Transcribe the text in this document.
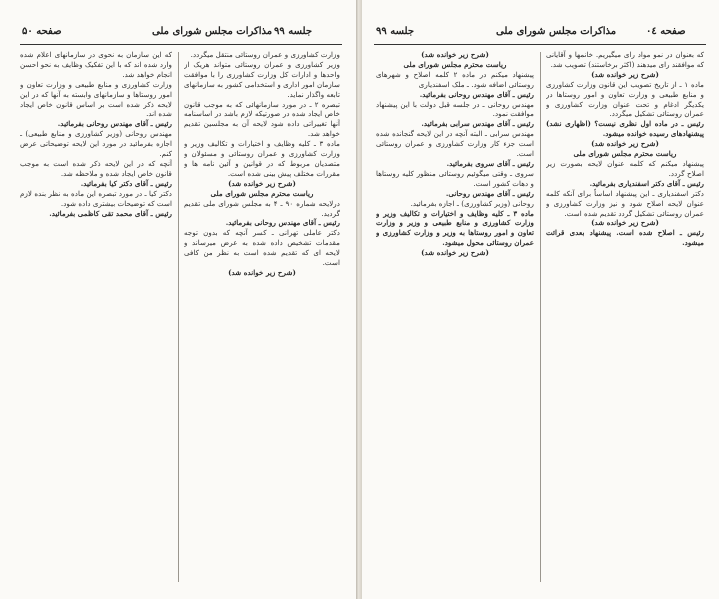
صفحه ۵۰	مذاکرات مجلس شورای ملی جلسه ۹۹

وزارت کشاورزی و عمران روستائی منتقل میگردد.

وزیر کشاورزی و عمران روستائی متواند هریک از واحدها و ادارات کل وزارت کشاورزی را با موافقت سازمان امور اداری و استخدامی کشور به سازمانهای تابعه واگذار نماید.

تبصره ۲ ـ در مورد سازمانهائی که به موجب قانون خاص ایجاد شده در صورتیکه لازم باشد در اساسنامه آنها تغییراتی داده شود لایحه آن به مجلسین تقدیم خواهد شد.

ماده ۳ ـ کلیه وظایف و اختیارات و تکالیف وزیر و وزارت کشاورزی و عمران روستائی و مسئولان و متصدیان مربوط که در قوانین و آئین نامه ها و مقررات مختلف پیش بینی شده است.

(شرح زیر خوانده شد)

ریاست محترم مجلس شورای ملی

درلایحه شماره ۹۰ ـ ۴ به مجلس شورای ملی تقدیم گردید.

رئیس ـ آقای مهندس روحانی بفرمائید.

دکتر عاملی تهرانی ـ کسر آنچه که بدون توجه مقدمات تشخیص داده شده به عرض میرساند و لایحه ای که تقدیم شده است به نظر من کافی است.

(شرح زیر خوانده شد)

که این سازمان به نحوی در سازمانهای اعلام شده وارد شده اند که با این تفکیک وظایف به نحو احسن انجام خواهد شد.

وزارت کشاورزی و منابع طبیعی و وزارت تعاون و امور روستاها و سازمانهای وابسته به آنها که در این لایحه ذکر شده است بر اساس قانون خاص ایجاد شده اند.

رئیس ـ آقای مهندس روحانی بفرمائید.

مهندس روحانی (وزیر کشاورزی و منابع طبیعی) ـ اجازه بفرمائید در مورد این لایحه توضیحاتی عرض کنم.

آنچه که در این لایحه ذکر شده است به موجب قانون خاص ایجاد شده و ملاحظه شد.

رئیس ـ آقای دکتر کیا بفرمائید.

دکتر کیا ـ در مورد تبصره این ماده به نظر بنده لازم است که توضیحات بیشتری داده شود.

رئیس ـ آقای محمد تقی کاظمی بفرمائید.

جلسه ۹۹	مذاکرات مجلس شورای ملی	صفحه ۰٤

که بعنوان در نمو مواد رای میگیریم. خانمها و آقایانی که موافقند رای میدهند (اکثر برخاستند) تصویب شد.

(شرح زیر خوانده شد)

ماده ۱ ـ از تاریخ تصویب این قانون وزارت کشاورزی و منابع طبیعی و وزارت تعاون و امور روستاها در یکدیگر ادغام و تحت عنوان وزارت کشاورزی و عمران روستائی تشکیل میگردد.

رئیس ـ در ماده اول نظری نیست؟ (اظهاری نشد) پیشنهادهای رسیده خوانده میشود.

(شرح زیر خوانده شد)

ریاست محترم مجلس شورای ملی

پیشنهاد میکنم که کلمه عنوان لایحه بصورت زیر اصلاح گردد.

رئیس ـ آقای دکتر اسفندیاری بفرمائید.

دکتر اسفندیاری ـ این پیشنهاد اساساً برای آنکه کلمه عنوان لایحه اصلاح شود و نیز وزارت کشاورزی و عمران روستائی تشکیل گردد تقدیم شده است.

(شرح زیر خوانده شد)

رئیس ـ اصلاح شده است. پیشنهاد بعدی قرائت میشود.

(شرح زیر خوانده شد)

ریاست محترم مجلس شورای ملی

پیشنهاد میکنم در ماده ۲ کلمه اصلاح و شهرهای روستائی اضافه شود. ـ ملک اسفندیاری

رئیس ـ آقای مهندس روحانی بفرمائید.

مهندس روحانی ـ در جلسه قبل دولت با این پیشنهاد موافقت نمود.

رئیس ـ آقای مهندس سرابی بفرمائید.

مهندس سرابی ـ البته آنچه در این لایحه گنجانده شده است جزء کار وزارت کشاورزی و عمران روستائی است.

رئیس ـ آقای سروی بفرمائید.

سروی ـ وقتی میگوئیم روستائی منظور کلیه روستاها و دهات کشور است.

رئیس ـ آقای مهندس روحانی.

روحانی (وزیر کشاورزی) ـ اجازه بفرمائید.

ماده ۳ ـ کلیه وظایف و اختیارات و تکالیف وزیر و وزارت کشاورزی و منابع طبیعی و وزیر و وزارت تعاون و امور روستاها به وزیر و وزارت کشاورزی و عمران روستائی محول میشود.

(شرح زیر خوانده شد)
